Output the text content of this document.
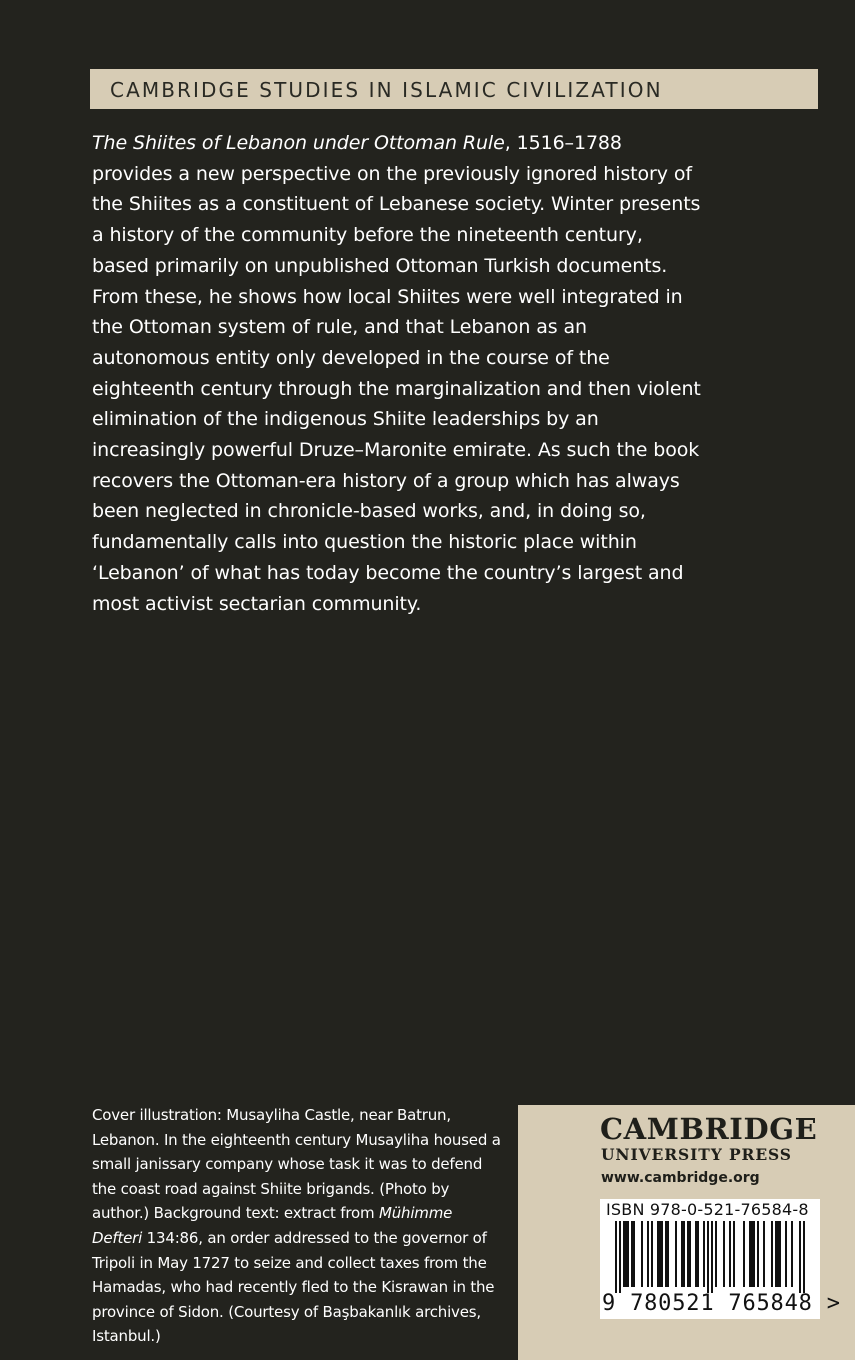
CAMBRIDGE STUDIES IN ISLAMIC CIVILIZATION

The Shiites of Lebanon under Ottoman Rule, 1516–1788 provides a new perspective on the previously ignored history of the Shiites as a constituent of Lebanese society. Winter presents a history of the community before the nineteenth century, based primarily on unpublished Ottoman Turkish documents. From these, he shows how local Shiites were well integrated in the Ottoman system of rule, and that Lebanon as an autonomous entity only developed in the course of the eighteenth century through the marginalization and then violent elimination of the indigenous Shiite leaderships by an increasingly powerful Druze–Maronite emirate. As such the book recovers the Ottoman-era history of a group which has always been neglected in chronicle-based works, and, in doing so, fundamentally calls into question the historic place within ‘Lebanon’ of what has today become the country’s largest and most activist sectarian community.

Cover illustration: Musayliha Castle, near Batrun, Lebanon. In the eighteenth century Musayliha housed a small janissary company whose task it was to defend the coast road against Shiite brigands. (Photo by author.) Background text: extract from Mühimme Defteri 134:86, an order addressed to the governor of Tripoli in May 1727 to seize and collect taxes from the Hamadas, who had recently fled to the Kisrawan in the province of Sidon. (Courtesy of Başbakanlık archives, Istanbul.)

CAMBRIDGE
UNIVERSITY PRESS
www.cambridge.org
ISBN 978-0-521-76584-8
9 780521 765848 >
